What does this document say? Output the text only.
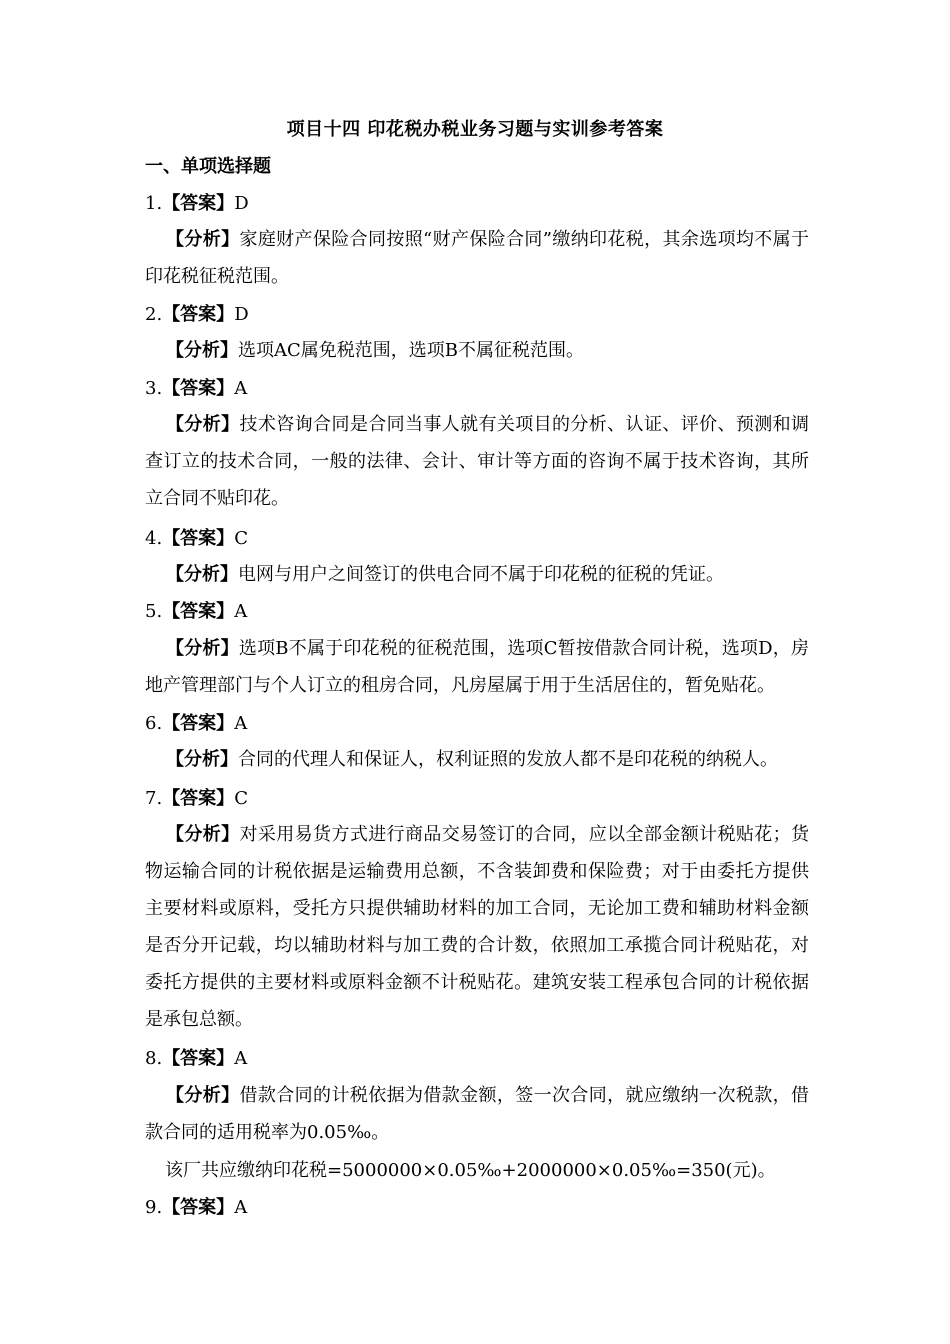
项目十四 印花税办税业务习题与实训参考答案
一、单项选择题
1.【答案】D
【分析】家庭财产保险合同按照“财产保险合同”缴纳印花税，其余选项均不属于印花税征税范围。
2.【答案】D
【分析】选项AC属免税范围，选项B不属征税范围。
3.【答案】A
【分析】技术咨询合同是合同当事人就有关项目的分析、认证、评价、预测和调查订立的技术合同，一般的法律、会计、审计等方面的咨询不属于技术咨询，其所立合同不贴印花。
4.【答案】C
【分析】电网与用户之间签订的供电合同不属于印花税的征税的凭证。
5.【答案】A
【分析】选项B不属于印花税的征税范围，选项C暂按借款合同计税，选项D，房地产管理部门与个人订立的租房合同，凡房屋属于用于生活居住的，暂免贴花。
6.【答案】A
【分析】合同的代理人和保证人，权利证照的发放人都不是印花税的纳税人。
7.【答案】C
【分析】对采用易货方式进行商品交易签订的合同，应以全部金额计税贴花；货物运输合同的计税依据是运输费用总额，不含装卸费和保险费；对于由委托方提供主要材料或原料，受托方只提供辅助材料的加工合同，无论加工费和辅助材料金额是否分开记载，均以辅助材料与加工费的合计数，依照加工承揽合同计税贴花，对委托方提供的主要材料或原料金额不计税贴花。建筑安装工程承包合同的计税依据是承包总额。
8.【答案】A
【分析】借款合同的计税依据为借款金额，签一次合同，就应缴纳一次税款，借款合同的适用税率为0.05‰。
该厂共应缴纳印花税=5000000×0.05‰+2000000×0.05‰=350(元)。
9.【答案】A
